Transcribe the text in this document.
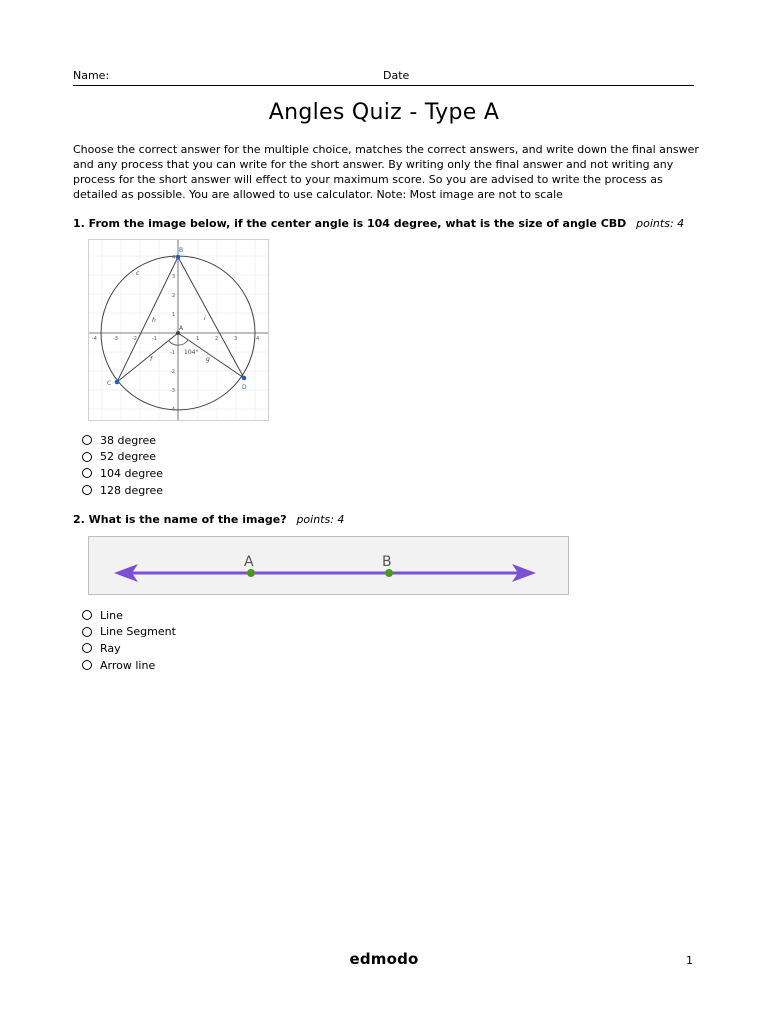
Name:	Date
Angles Quiz - Type A
Choose the correct answer for the multiple choice, matches the correct answers, and write down the final answer and any process that you can write for the short answer. By writing only the final answer and not writing any process for the short answer will effect to your maximum score. So you are advised to write the process as detailed as possible. You are allowed to use calculator. Note: Most image are not to scale
1. From the image below, if the center angle is 104 degree, what is the size of angle CBD points: 4
-4	-3	-2	-1	1	2	3	4
4
3
2
1
-1
-2
-3
-4
c
h	i
f	g
104°
B
A
C
D
38 degree
52 degree
104 degree
128 degree
2. What is the name of the image? points: 4
A	B
Line
Line Segment
Ray
Arrow line
edmodo	1
